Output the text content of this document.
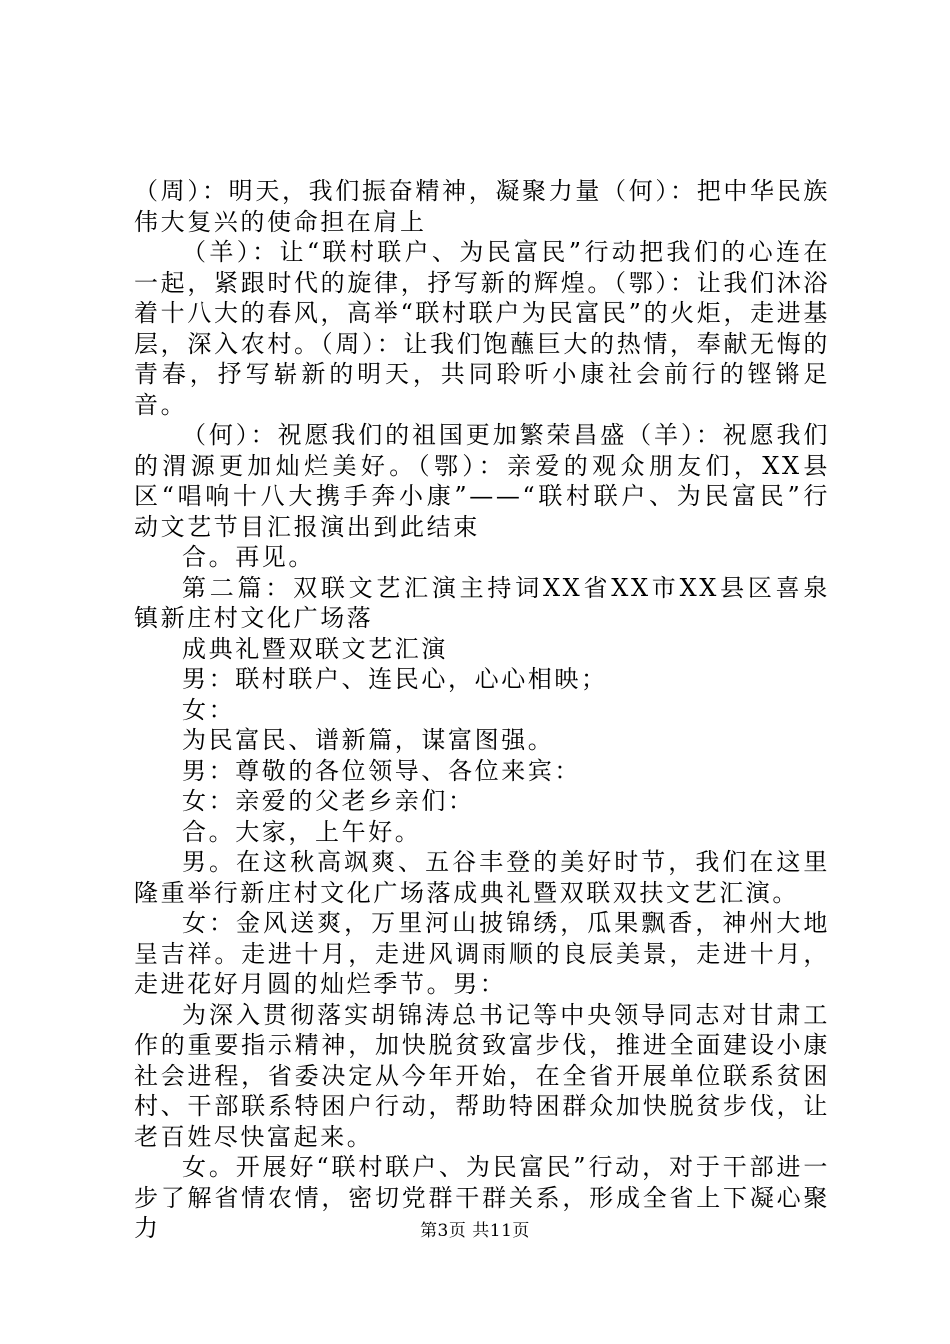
（周）：明天，我们振奋精神，凝聚力量（何）：把中华民族伟大复兴的使命担在肩上

（羊）：让“联村联户、为民富民”行动把我们的心连在一起，紧跟时代的旋律，抒写新的辉煌。（鄂）：让我们沐浴着十八大的春风，高举“联村联户为民富民”的火炬，走进基层，深入农村。（周）：让我们饱蘸巨大的热情，奉献无悔的青春，抒写崭新的明天，共同聆听小康社会前行的铿锵足音。

（何）：祝愿我们的祖国更加繁荣昌盛（羊）：祝愿我们的渭源更加灿烂美好。（鄂）：亲爱的观众朋友们，XX县区“唱响十八大携手奔小康”——“联村联户、为民富民”行动文艺节目汇报演出到此结束

合。再见。

第二篇：双联文艺汇演主持词XX省XX市XX县区喜泉镇新庄村文化广场落

成典礼暨双联文艺汇演

男：联村联户、连民心，心心相映；

女：

为民富民、谱新篇，谋富图强。

男：尊敬的各位领导、各位来宾：

女：亲爱的父老乡亲们：

合。大家，上午好。

男。在这秋高飒爽、五谷丰登的美好时节，我们在这里隆重举行新庄村文化广场落成典礼暨双联双扶文艺汇演。

女：金风送爽，万里河山披锦绣，瓜果飘香，神州大地呈吉祥。走进十月，走进风调雨顺的良辰美景，走进十月，走进花好月圆的灿烂季节。男：

为深入贯彻落实胡锦涛总书记等中央领导同志对甘肃工作的重要指示精神，加快脱贫致富步伐，推进全面建设小康社会进程，省委决定从今年开始，在全省开展单位联系贫困村、干部联系特困户行动，帮助特困群众加快脱贫步伐，让老百姓尽快富起来。

女。开展好“联村联户、为民富民”行动，对于干部进一步了解省情农情，密切党群干群关系，形成全省上下凝心聚力	第3页 共11页
